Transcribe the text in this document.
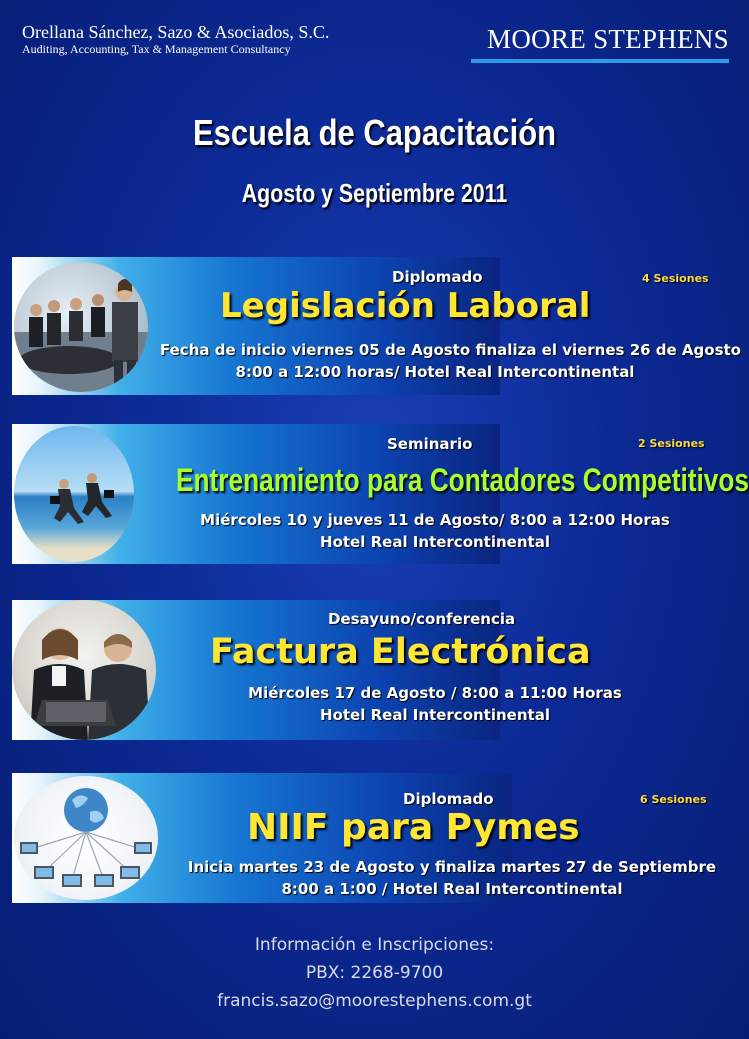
Orellana Sánchez, Sazo & Asociados, S.C.
Auditing, Accounting, Tax & Management Consultancy	MOORE STEPHENS
Escuela de Capacitación
Agosto y Septiembre 2011
Diplomado	4 Sesiones
Legislación Laboral
Fecha de inicio viernes 05 de Agosto finaliza el viernes 26 de Agosto
8:00 a 12:00 horas/ Hotel Real Intercontinental
Seminario	2 Sesiones
Entrenamiento para Contadores Competitivos
Miércoles 10 y jueves 11 de Agosto/ 8:00 a 12:00 Horas
Hotel Real Intercontinental
Desayuno/conferencia
Factura Electrónica
Miércoles 17 de Agosto / 8:00 a 11:00 Horas
Hotel Real Intercontinental
Diplomado	6 Sesiones
NIIF para Pymes
Inicia martes 23 de Agosto y finaliza martes 27 de Septiembre
8:00 a 1:00 / Hotel Real Intercontinental
Información e Inscripciones:
PBX: 2268-9700
francis.sazo@moorestephens.com.gt
